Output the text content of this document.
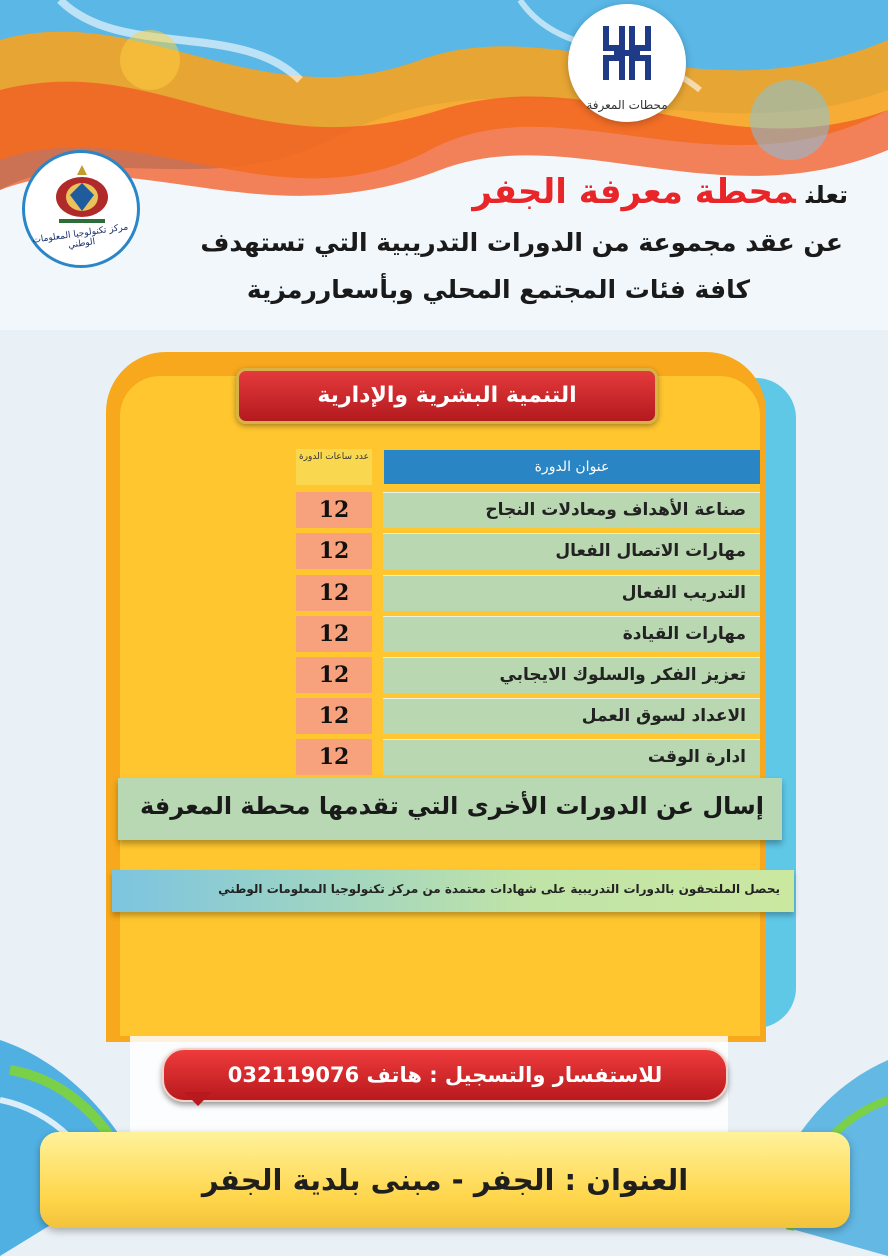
محطات المعرفة
مركز تكنولوجيا المعلومات الوطني
تعلنمحطة معرفة الجفر
عن عقد مجموعة من الدورات التدريبية التي تستهدف
كافة فئات المجتمع المحلي وبأسعاررمزية
التنمية البشرية والإدارية
عدد ساعات الدورة
عنوان الدورة
صناعة الأهداف ومعادلات النجاح
12
مهارات الاتصال الفعال
12
التدريب الفعال
12
مهارات القيادة
12
تعزيز الفكر والسلوك الايجابي
12
الاعداد لسوق العمل
12
ادارة الوقت
12
إسال عن الدورات الأخرى التي تقدمها محطة المعرفة
يحصل الملتحقون بالدورات التدريبية على شهادات معتمدة من مركز تكنولوجيا المعلومات الوطني
للاستفسار والتسجيل : هاتف 032119076
العنوان : الجفر - مبنى بلدية الجفر
